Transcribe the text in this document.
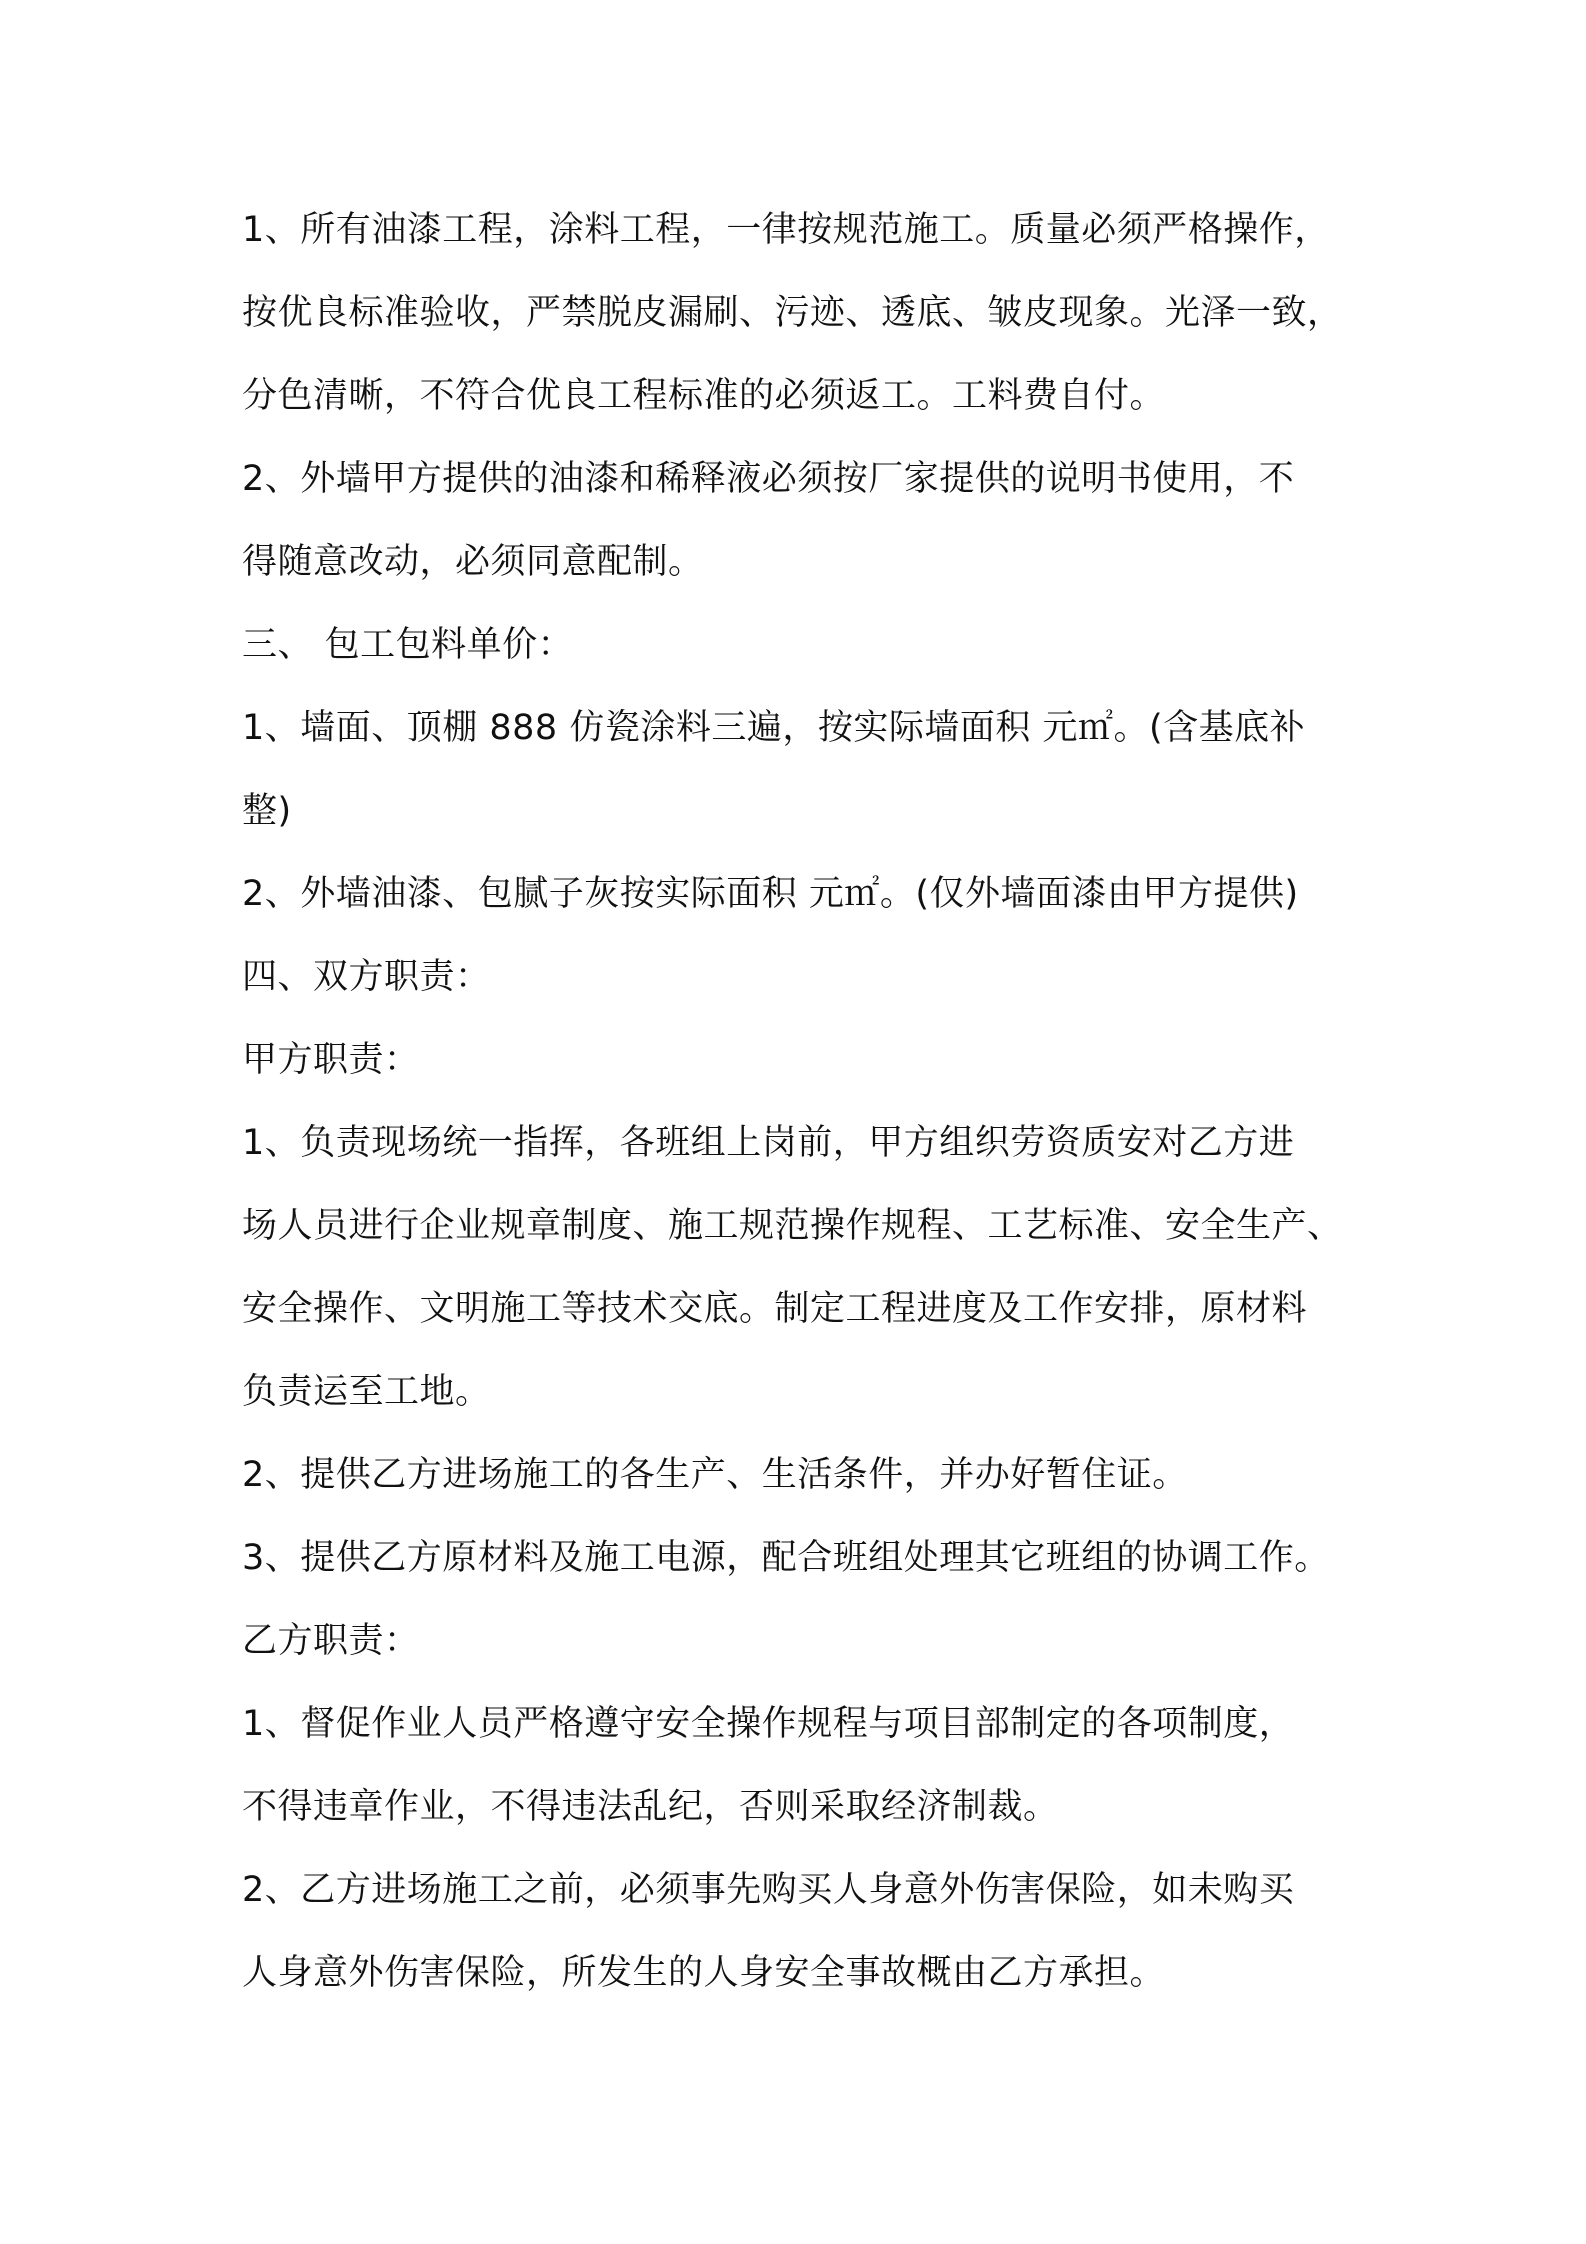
1、所有油漆工程，涂料工程，一律按规范施工。质量必须严格操作，
按优良标准验收，严禁脱皮漏刷、污迹、透底、皱皮现象。光泽一致，
分色清晰，不符合优良工程标准的必须返工。工料费自付。
2、外墙甲方提供的油漆和稀释液必须按厂家提供的说明书使用，不
得随意改动，必须同意配制。
三、 包工包料单价：
1、墙面、顶棚 888 仿瓷涂料三遍，按实际墙面积 元㎡。(含基底补
整)
2、外墙油漆、包腻子灰按实际面积 元㎡。(仅外墙面漆由甲方提供)
四、双方职责：
甲方职责：
1、负责现场统一指挥，各班组上岗前，甲方组织劳资质安对乙方进
场人员进行企业规章制度、施工规范操作规程、工艺标准、安全生产、
安全操作、文明施工等技术交底。制定工程进度及工作安排，原材料
负责运至工地。
2、提供乙方进场施工的各生产、生活条件，并办好暂住证。
3、提供乙方原材料及施工电源，配合班组处理其它班组的协调工作。
乙方职责：
1、督促作业人员严格遵守安全操作规程与项目部制定的各项制度，
不得违章作业，不得违法乱纪，否则采取经济制裁。
2、乙方进场施工之前，必须事先购买人身意外伤害保险，如未购买
人身意外伤害保险，所发生的人身安全事故概由乙方承担。
